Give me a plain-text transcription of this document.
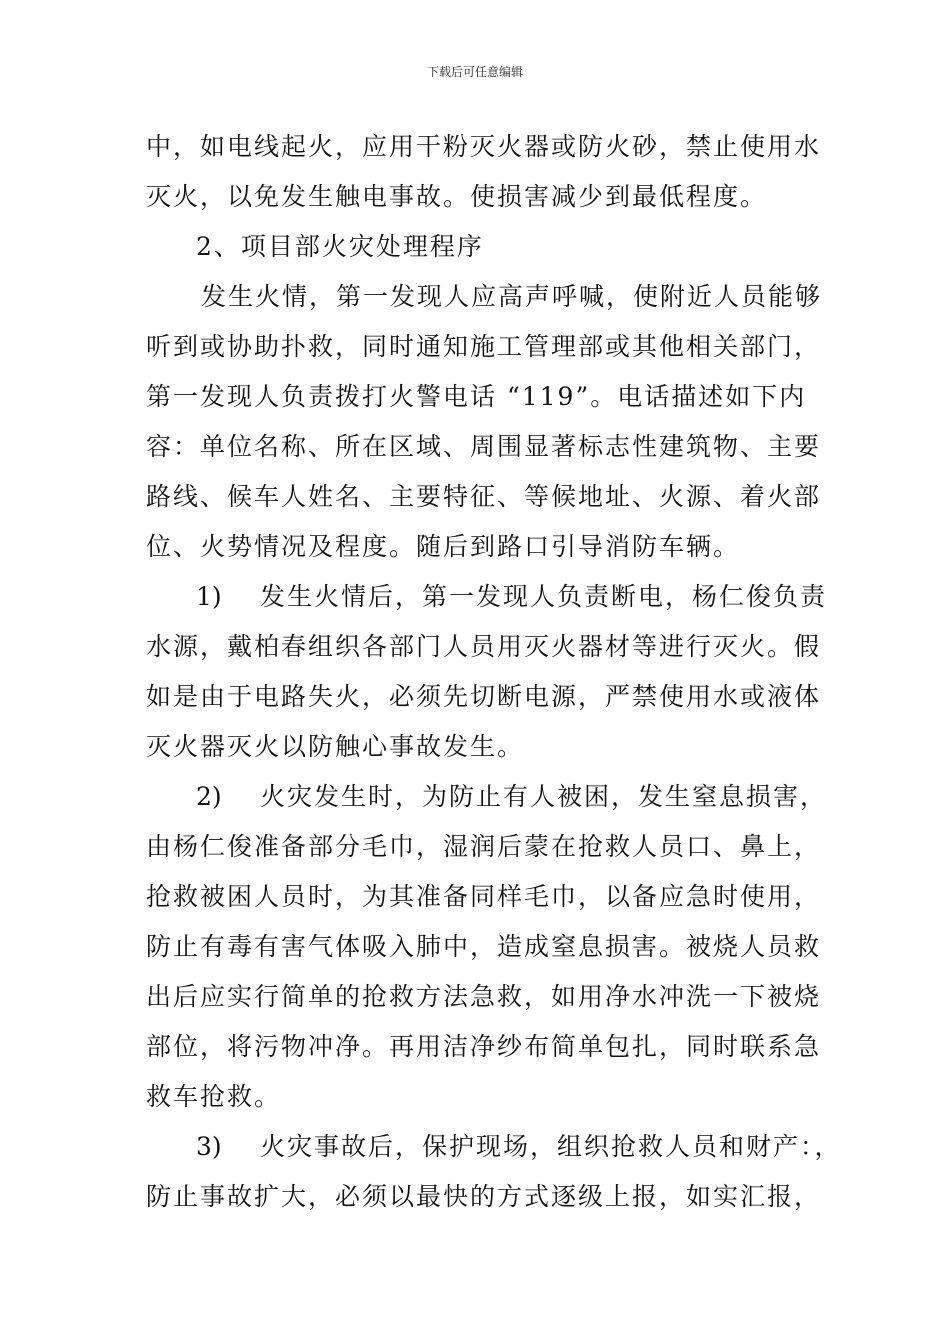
下载后可任意编辑
中，如电线起火，应用干粉灭火器或防火砂，禁止使用水
灭火，以免发生触电事故。使损害减少到最低程度。
2、项目部火灾处理程序
发生火情，第一发现人应高声呼喊，使附近人员能够
听到或协助扑救，同时通知施工管理部或其他相关部门，
第一发现人负责拨打火警电话 “119”。电话描述如下内
容：单位名称、所在区域、周围显著标志性建筑物、主要
路线、候车人姓名、主要特征、等候地址、火源、着火部
位、火势情况及程度。随后到路口引导消防车辆。
1) 发生火情后，第一发现人负责断电，杨仁俊负责
水源，戴柏春组织各部门人员用灭火器材等进行灭火。假
如是由于电路失火，必须先切断电源，严禁使用水或液体
灭火器灭火以防触心事故发生。
2) 火灾发生时，为防止有人被困，发生窒息损害，
由杨仁俊准备部分毛巾，湿润后蒙在抢救人员口、鼻上，
抢救被困人员时，为其准备同样毛巾，以备应急时使用，
防止有毒有害气体吸入肺中，造成窒息损害。被烧人员救
出后应实行简单的抢救方法急救，如用净水冲洗一下被烧
部位，将污物冲净。再用洁净纱布简单包扎，同时联系急
救车抢救。
3) 火灾事故后，保护现场，组织抢救人员和财产：，
防止事故扩大，必须以最快的方式逐级上报，如实汇报，
